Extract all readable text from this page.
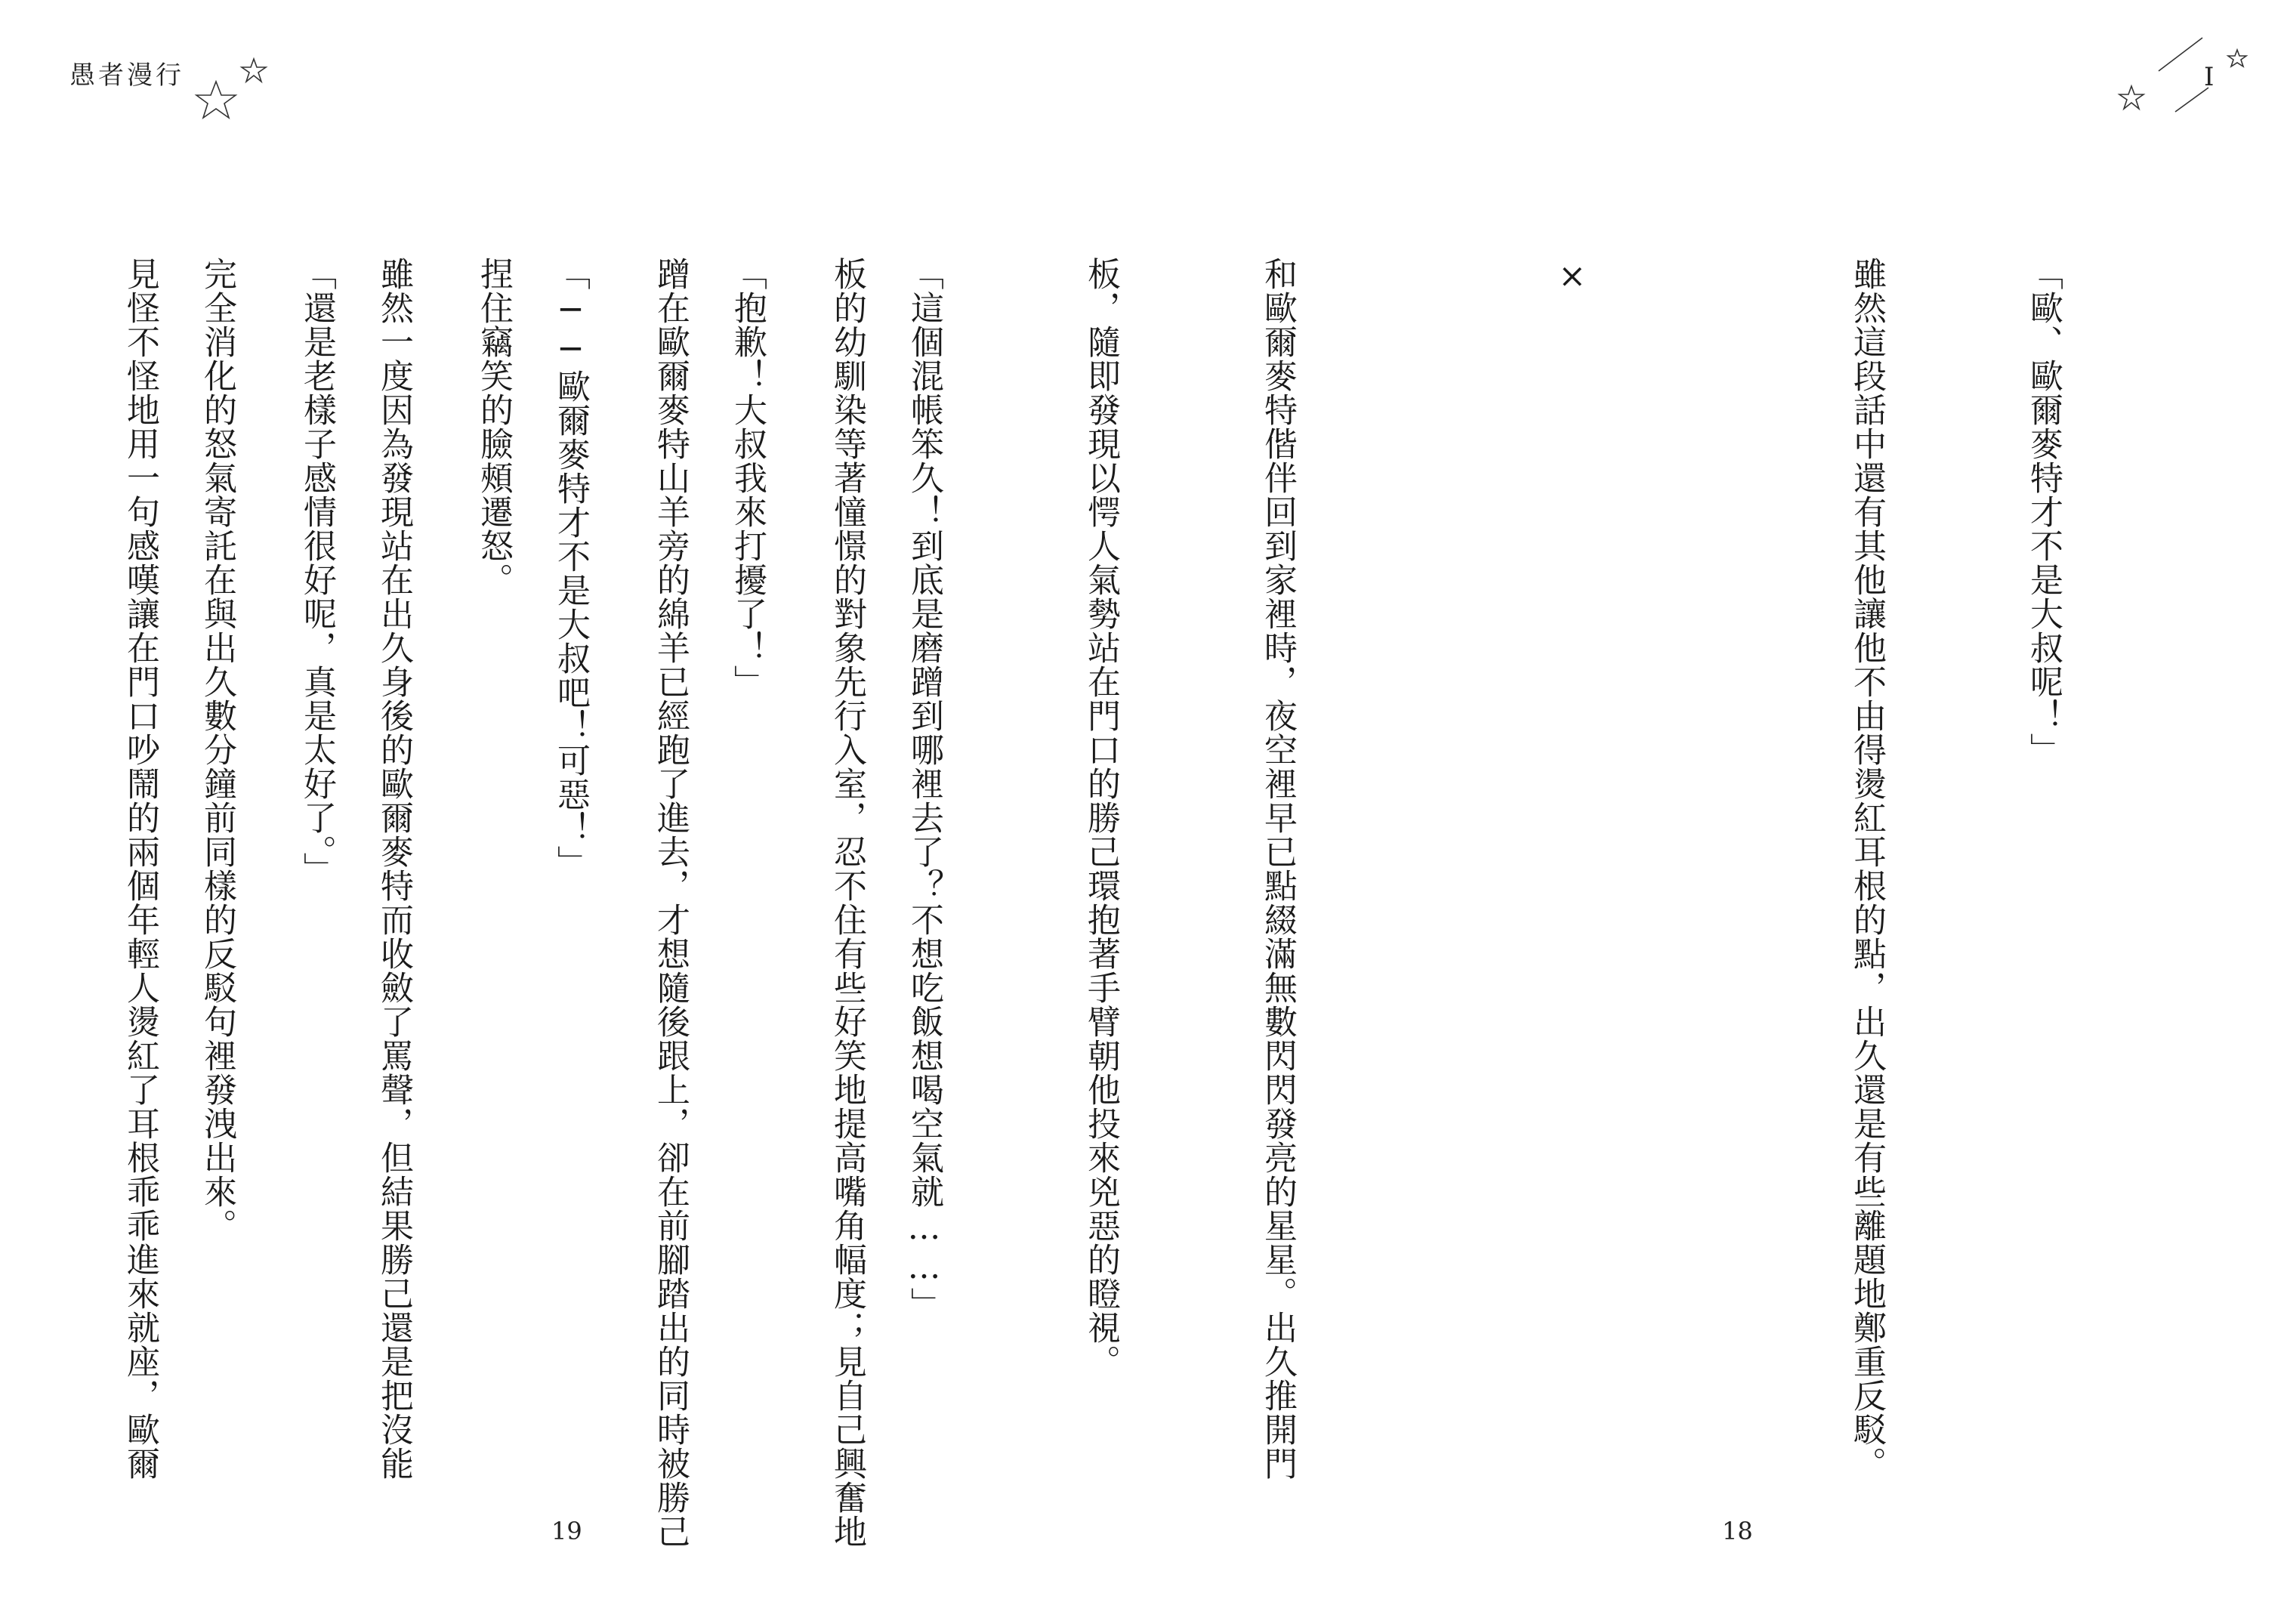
愚者漫行	I

「歐、歐爾麥特才不是大叔呢！」

雖然這段話中還有其他讓他不由得燙紅耳根的點，出久還是有些離題地鄭重反駁。

×

和歐爾麥特偕伴回到家裡時，夜空裡早已點綴滿無數閃閃發亮的星星。出久推開門

板，隨即發現以愕人氣勢站在門口的勝己環抱著手臂朝他投來兇惡的瞪視。

「這個混帳笨久！到底是磨蹭到哪裡去了？不想吃飯想喝空氣就……」

「抱歉！大叔我來打擾了！」

「──歐爾麥特才不是大叔吧！可惡！」

雖然一度因為發現站在出久身後的歐爾麥特而收斂了罵聲，但結果勝己還是把沒能

完全消化的怒氣寄託在與出久數分鐘前同樣的反駁句裡發洩出來。

	板的幼馴染等著憧憬的對象先行入室，忍不住有些好笑地提高嘴角幅度；見自己興奮地

蹭在歐爾麥特山羊旁的綿羊已經跑了進去，才想隨後跟上，卻在前腳踏出的同時被勝己

捏住竊笑的臉頰遷怒。

「還是老樣子感情很好呢，真是太好了。」

見怪不怪地用一句感嘆讓在門口吵鬧的兩個年輕人燙紅了耳根乖乖進來就座，歐爾

19	18
